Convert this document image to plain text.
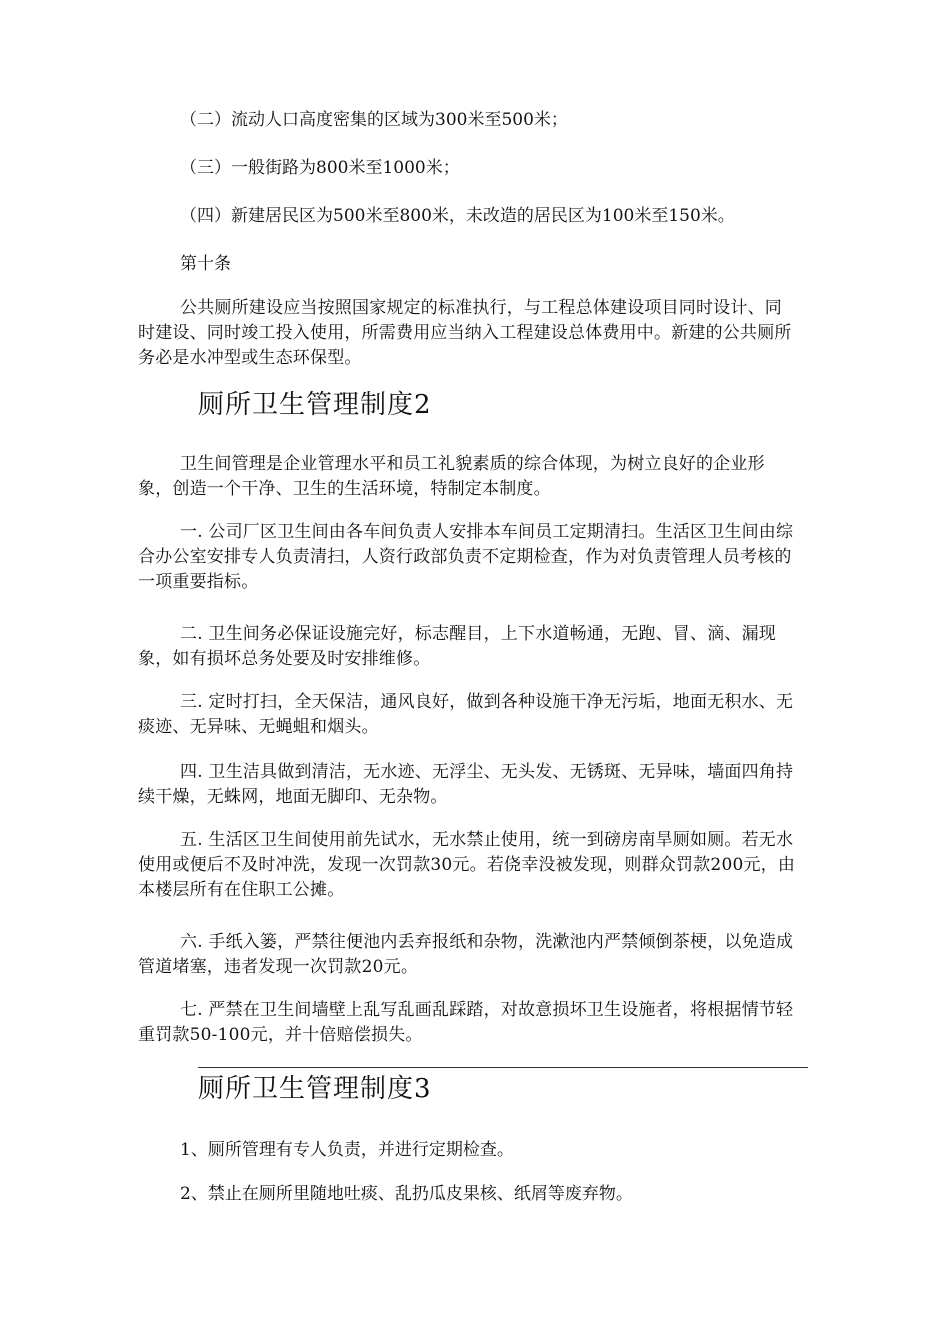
（二）流动人口高度密集的区域为300米至500米；

（三）一般街路为800米至1000米；

（四）新建居民区为500米至800米，未改造的居民区为100米至150米。

第十条

公共厕所建设应当按照国家规定的标准执行，与工程总体建设项目同时设计、同时建设、同时竣工投入使用，所需费用应当纳入工程建设总体费用中。新建的公共厕所务必是水冲型或生态环保型。

厕所卫生管理制度2

卫生间管理是企业管理水平和员工礼貌素质的综合体现，为树立良好的企业形象，创造一个干净、卫生的生活环境，特制定本制度。

一. 公司厂区卫生间由各车间负责人安排本车间员工定期清扫。生活区卫生间由综合办公室安排专人负责清扫，人资行政部负责不定期检查，作为对负责管理人员考核的一项重要指标。

二. 卫生间务必保证设施完好，标志醒目，上下水道畅通，无跑、冒、滴、漏现象，如有损坏总务处要及时安排维修。

三. 定时打扫，全天保洁，通风良好，做到各种设施干净无污垢，地面无积水、无痰迹、无异味、无蝇蛆和烟头。

四. 卫生洁具做到清洁，无水迹、无浮尘、无头发、无锈斑、无异味，墙面四角持续干燥，无蛛网，地面无脚印、无杂物。

五. 生活区卫生间使用前先试水，无水禁止使用，统一到磅房南旱厕如厕。若无水使用或便后不及时冲洗，发现一次罚款30元。若侥幸没被发现，则群众罚款200元，由本楼层所有在住职工公摊。

六. 手纸入篓，严禁往便池内丢弃报纸和杂物，洗漱池内严禁倾倒茶梗，以免造成管道堵塞，违者发现一次罚款20元。

七. 严禁在卫生间墙壁上乱写乱画乱踩踏，对故意损坏卫生设施者，将根据情节轻重罚款50-100元，并十倍赔偿损失。

厕所卫生管理制度3

1、厕所管理有专人负责，并进行定期检查。

2、禁止在厕所里随地吐痰、乱扔瓜皮果核、纸屑等废弃物。
